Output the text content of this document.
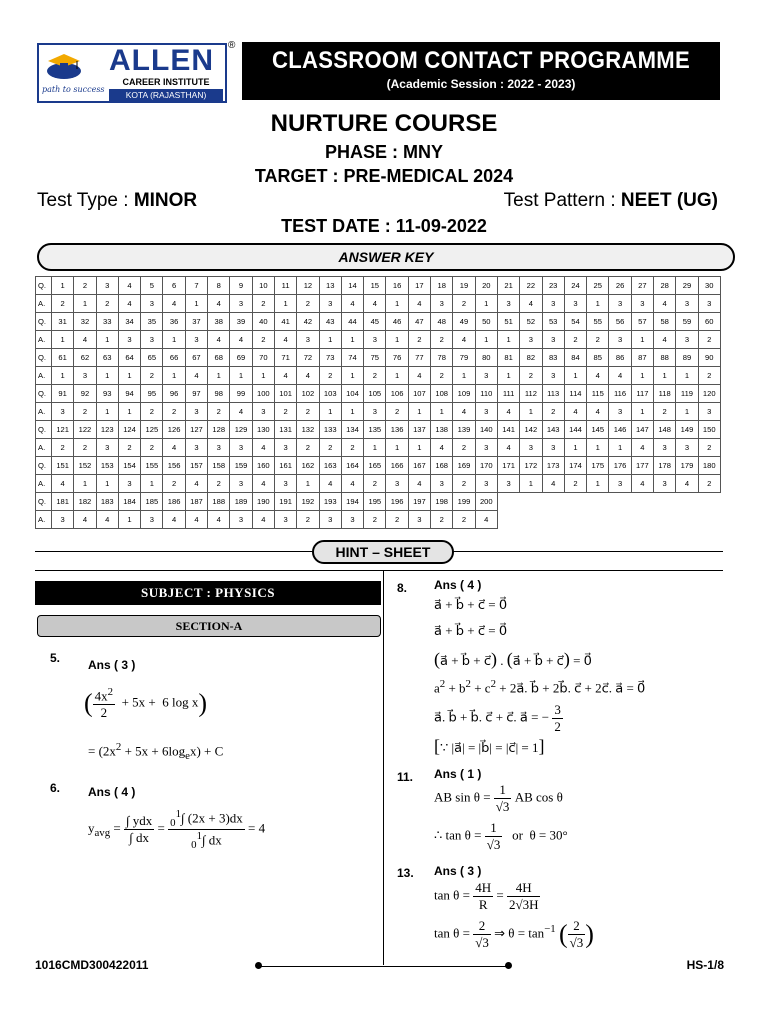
path to success
ALLEN
CAREER INSTITUTE
KOTA (RAJASTHAN)
®
CLASSROOM CONTACT PROGRAMME
(Academic Session : 2022 - 2023)
NURTURE COURSE
PHASE : MNY
TARGET : PRE-MEDICAL 2024
Test Type : MINOR	Test Pattern : NEET (UG)
TEST DATE : 11-09-2022
ANSWER KEY
Q.	1	2	3	4	5	6	7	8	9	10	11	12	13	14	15	16	17	18	19	20	21	22	23	24	25	26	27	28	29	30
A.	2	1	2	4	3	4	1	4	3	2	1	2	3	4	4	1	4	3	2	1	3	4	3	3	1	3	3	4	3	3
Q.	31	32	33	34	35	36	37	38	39	40	41	42	43	44	45	46	47	48	49	50	51	52	53	54	55	56	57	58	59	60
A.	1	4	1	3	3	1	3	4	4	2	4	3	1	1	3	1	2	2	4	1	1	3	3	2	2	3	1	4	3	2
Q.	61	62	63	64	65	66	67	68	69	70	71	72	73	74	75	76	77	78	79	80	81	82	83	84	85	86	87	88	89	90
A.	1	3	1	1	2	1	4	1	1	1	4	4	2	1	2	1	4	2	1	3	1	2	3	1	4	4	1	1	1	2
Q.	91	92	93	94	95	96	97	98	99	100	101	102	103	104	105	106	107	108	109	110	111	112	113	114	115	116	117	118	119	120
A.	3	2	1	1	2	2	3	2	4	3	2	2	1	1	3	2	1	1	4	3	4	1	2	4	4	3	1	2	1	3
Q.	121	122	123	124	125	126	127	128	129	130	131	132	133	134	135	136	137	138	139	140	141	142	143	144	145	146	147	148	149	150
A.	2	2	3	2	2	4	3	3	3	4	3	2	2	2	1	1	1	4	2	3	4	3	3	1	1	1	4	3	3	2
Q.	151	152	153	154	155	156	157	158	159	160	161	162	163	164	165	166	167	168	169	170	171	172	173	174	175	176	177	178	179	180
A.	4	1	1	3	1	2	4	2	3	4	3	1	4	4	2	3	4	3	2	3	3	1	4	2	1	3	4	3	4	2
Q.	181	182	183	184	185	186	187	188	189	190	191	192	193	194	195	196	197	198	199	200										
A.	3	4	4	1	3	4	4	4	3	4	3	2	3	3	2	2	3	2	2	4										
HINT – SHEET
SUBJECT : PHYSICS
SECTION-A
5. Ans ( 3 )
( $\frac{4x^2}{2} + 5x + 6$ log x)
= $(2x^2 + 5x + 6\log_ex) + C$
6. Ans ( 4 )
$y_{avg} = \frac{\text{∫ ydx}}{\int dx} = \frac{_0^1\int (2x + 3)dx}{_0^1\int dx} = 4$
8. Ans ( 4 )
a⃗ + b⃗ + c⃗ = 0⃗
a⃗ + b⃗ + c⃗ = 0⃗
(a⃗ + b⃗ + c⃗) . (a⃗ + b⃗ + c⃗) = 0⃗
$a^2 + b^2 + c^2$ + 2a⃗. b⃗ + 2b⃗. c⃗ + 2c⃗. a⃗ = 0⃗
a⃗. b⃗ + b⃗. c⃗ + c⃗. a⃗ = − $\frac{3}{2}$
[∵ |a⃗| = |b⃗| = |c⃗| = 1]
11. Ans ( 1 )
AB $\sin \theta = \frac{1}{√3}$ AB cos θ
∴ $\tan \theta = \frac{1}{√3}$ or  θ = 30°
13. Ans ( 3 )
$\tan \theta = \frac{4H}{R} = \frac{4H}{2√3H}$
$\tan \theta = \frac{2}{√3}$ ⇒ $\theta = \tan^{-1}$ ( $\frac{2}{√3}$ )
1016CMD300422011	HS-1/8
